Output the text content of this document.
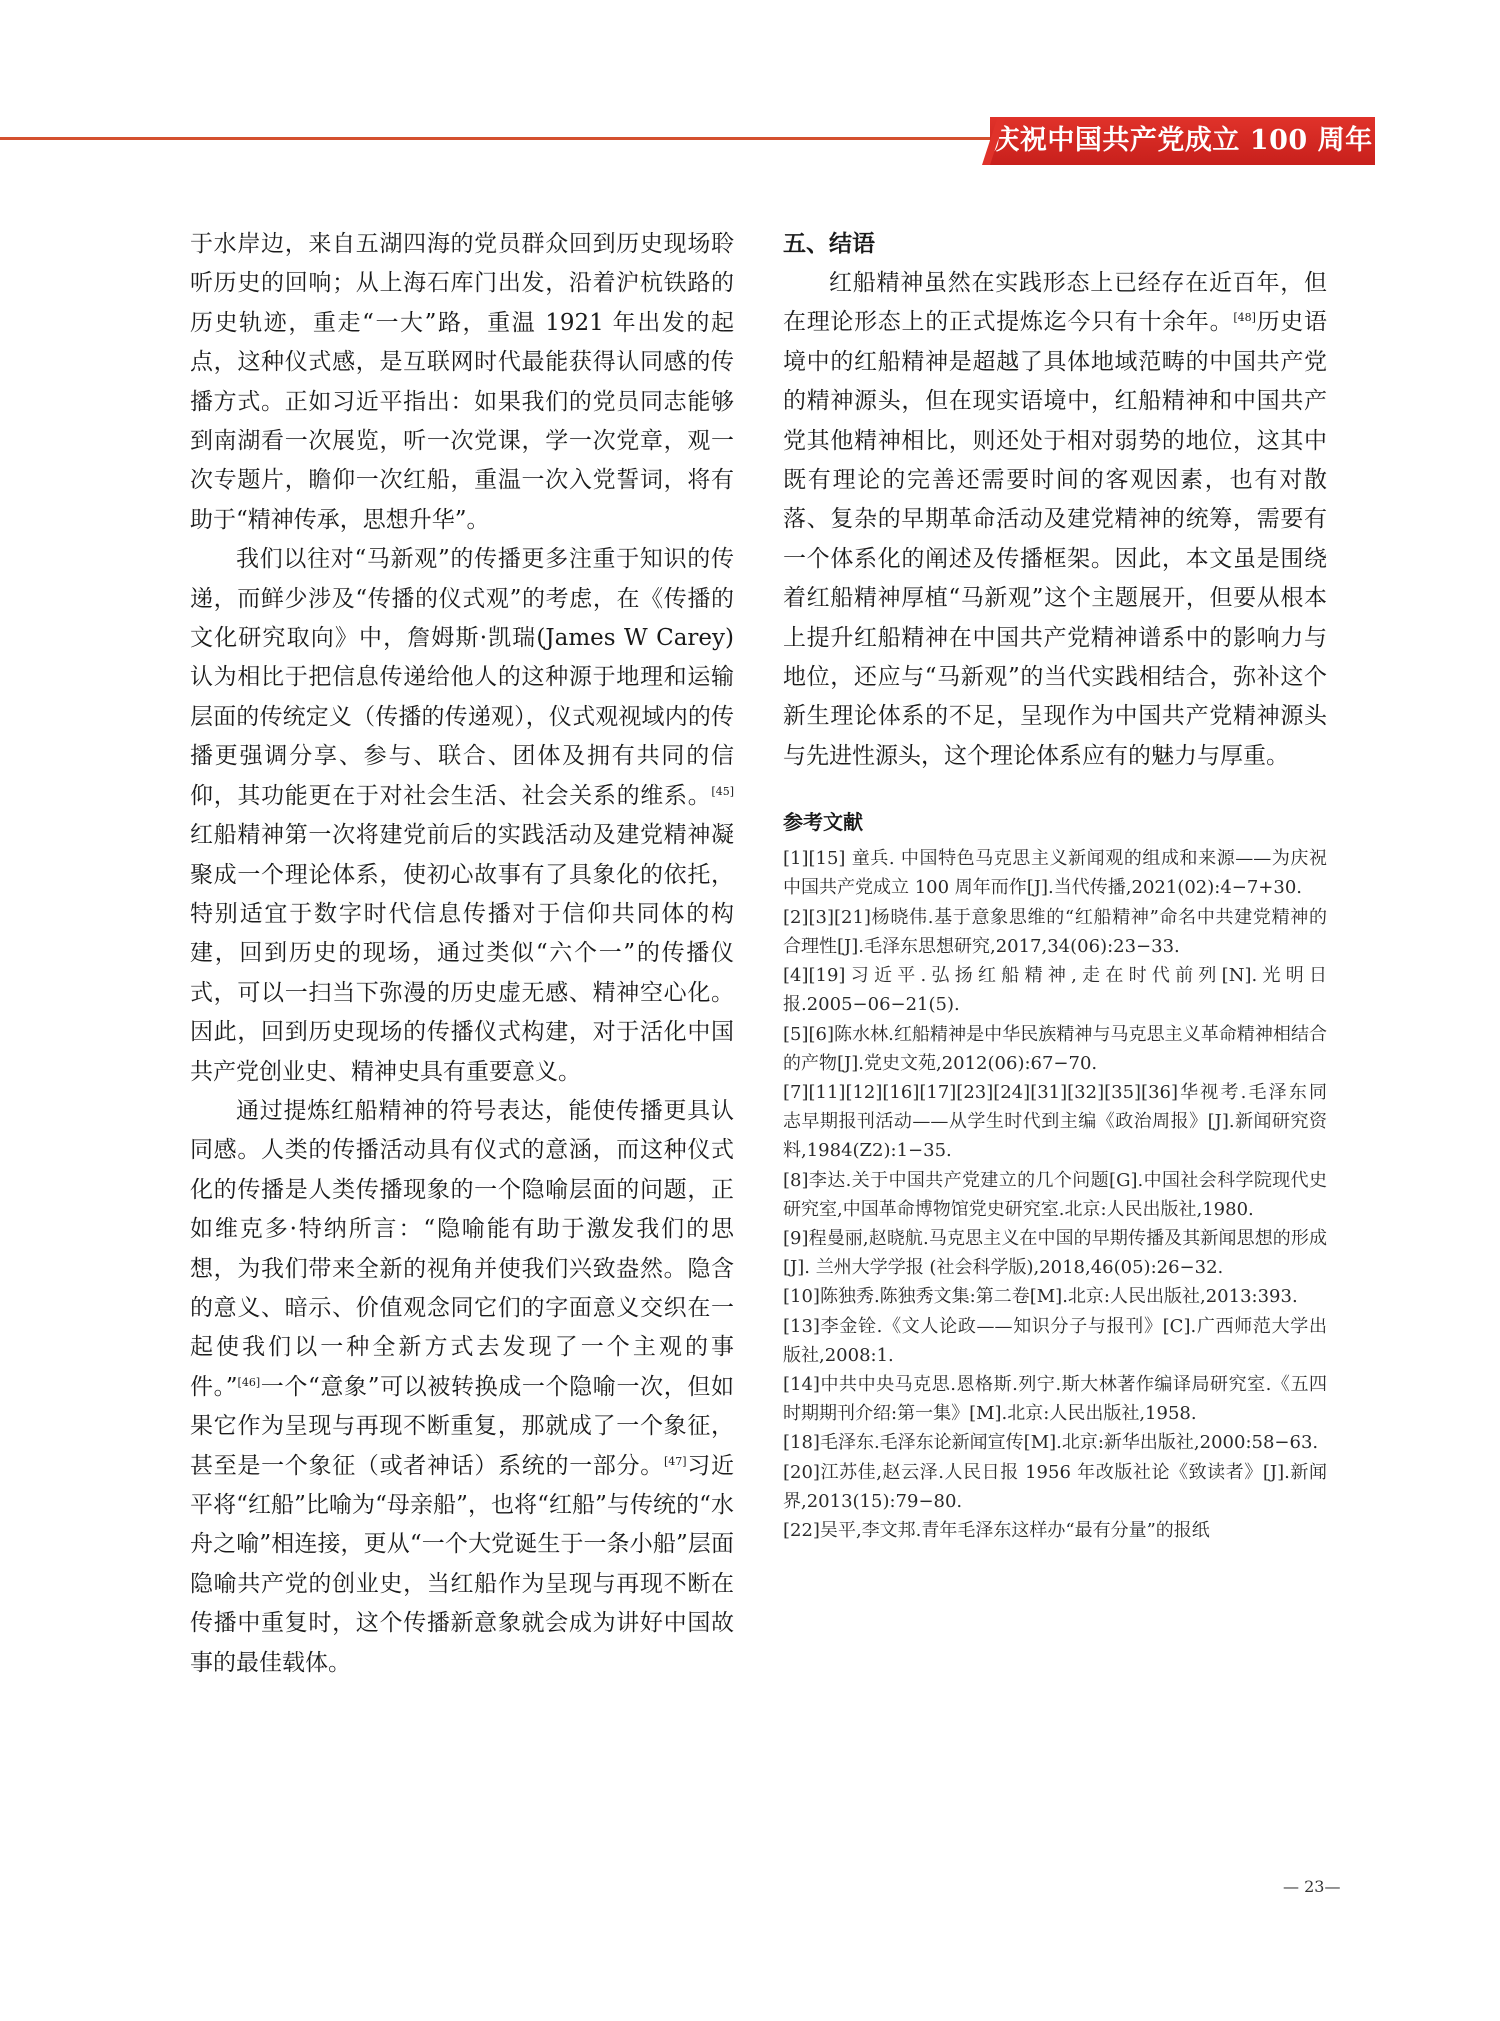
庆祝中国共产党成立 100 周年

于水岸边，来自五湖四海的党员群众回到历史现场聆听历史的回响；从上海石库门出发，沿着沪杭铁路的历史轨迹，重走“一大”路，重温 1921 年出发的起点，这种仪式感，是互联网时代最能获得认同感的传播方式。正如习近平指出：如果我们的党员同志能够到南湖看一次展览，听一次党课，学一次党章，观一次专题片，瞻仰一次红船，重温一次入党誓词，将有助于“精神传承，思想升华”。

我们以往对“马新观”的传播更多注重于知识的传递，而鲜少涉及“传播的仪式观”的考虑，在《传播的文化研究取向》中，詹姆斯·凯瑞(James W Carey) 认为相比于把信息传递给他人的这种源于地理和运输层面的传统定义（传播的传递观），仪式观视域内的传播更强调分享、参与、联合、团体及拥有共同的信仰，其功能更在于对社会生活、社会关系的维系。[45]红船精神第一次将建党前后的实践活动及建党精神凝聚成一个理论体系，使初心故事有了具象化的依托，特别适宜于数字时代信息传播对于信仰共同体的构建，回到历史的现场，通过类似“六个一”的传播仪式，可以一扫当下弥漫的历史虚无感、精神空心化。因此，回到历史现场的传播仪式构建，对于活化中国共产党创业史、精神史具有重要意义。

通过提炼红船精神的符号表达，能使传播更具认同感。人类的传播活动具有仪式的意涵，而这种仪式化的传播是人类传播现象的一个隐喻层面的问题，正如维克多·特纳所言：“隐喻能有助于激发我们的思想，为我们带来全新的视角并使我们兴致盎然。隐含的意义、暗示、价值观念同它们的字面意义交织在一起使我们以一种全新方式去发现了一个主观的事件。”[46]一个“意象”可以被转换成一个隐喻一次，但如果它作为呈现与再现不断重复，那就成了一个象征，甚至是一个象征（或者神话）系统的一部分。[47]习近平将“红船”比喻为“母亲船”，也将“红船”与传统的“水舟之喻”相连接，更从“一个大党诞生于一条小船”层面隐喻共产党的创业史，当红船作为呈现与再现不断在传播中重复时，这个传播新意象就会成为讲好中国故事的最佳载体。

五、结语

红船精神虽然在实践形态上已经存在近百年，但在理论形态上的正式提炼迄今只有十余年。[48]历史语境中的红船精神是超越了具体地域范畴的中国共产党的精神源头，但在现实语境中，红船精神和中国共产党其他精神相比，则还处于相对弱势的地位，这其中既有理论的完善还需要时间的客观因素，也有对散落、复杂的早期革命活动及建党精神的统筹，需要有一个体系化的阐述及传播框架。因此，本文虽是围绕着红船精神厚植“马新观”这个主题展开，但要从根本上提升红船精神在中国共产党精神谱系中的影响力与地位，还应与“马新观”的当代实践相结合，弥补这个新生理论体系的不足，呈现作为中国共产党精神源头与先进性源头，这个理论体系应有的魅力与厚重。

参考文献

[1][15] 童兵. 中国特色马克思主义新闻观的组成和来源——为庆祝中国共产党成立 100 周年而作[J].当代传播,2021(02):4−7+30.

[2][3][21]杨晓伟.基于意象思维的“红船精神”命名中共建党精神的合理性[J].毛泽东思想研究,2017,34(06):23−33.

[4][19]习近平.弘扬红船精神,走在时代前列[N].光明日报.2005−06−21(5).

[5][6]陈水林.红船精神是中华民族精神与马克思主义革命精神相结合的产物[J].党史文苑,2012(06):67−70.

[7][11][12][16][17][23][24][31][32][35][36]华视考.毛泽东同志早期报刊活动——从学生时代到主编《政治周报》[J].新闻研究资料,1984(Z2):1−35.

[8]李达.关于中国共产党建立的几个问题[G].中国社会科学院现代史研究室,中国革命博物馆党史研究室.北京:人民出版社,1980.

[9]程曼丽,赵晓航.马克思主义在中国的早期传播及其新闻思想的形成 [J]. 兰州大学学报 (社会科学版),2018,46(05):26−32.

[10]陈独秀.陈独秀文集:第二卷[M].北京:人民出版社,2013:393.

[13]李金铨.《文人论政——知识分子与报刊》[C].广西师范大学出版社,2008:1.

[14]中共中央马克思.恩格斯.列宁.斯大林著作编译局研究室.《五四时期期刊介绍:第一集》[M].北京:人民出版社,1958.

[18]毛泽东.毛泽东论新闻宣传[M].北京:新华出版社,2000:58−63.

[20]江苏佳,赵云泽.人民日报 1956 年改版社论《致读者》[J].新闻界,2013(15):79−80.

[22]吴平,李文邦.青年毛泽东这样办“最有分量”的报纸

— 23—
